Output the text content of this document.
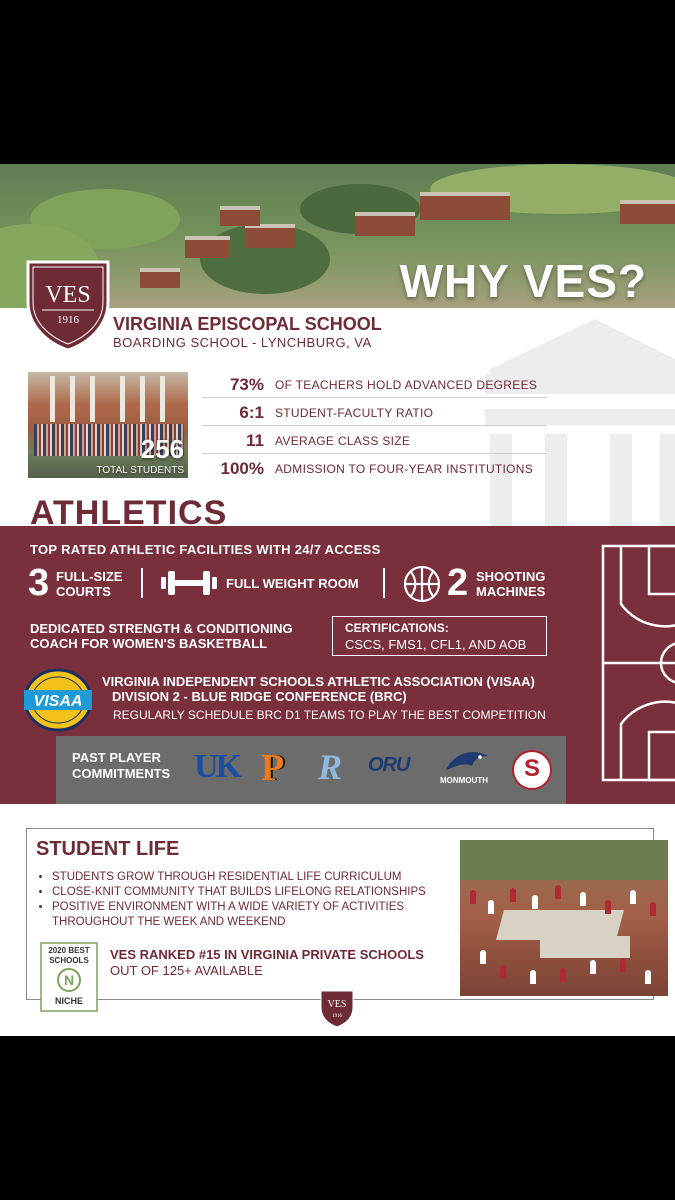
WHY VES?
VES
1916 VIRGINIA EPISCOPAL SCHOOL
BOARDING SCHOOL - LYNCHBURG, VA
256
TOTAL STUDENTS
73% OF TEACHERS HOLD ADVANCED DEGREES
6:1 STUDENT-FACULTY RATIO
11 AVERAGE CLASS SIZE
100% ADMISSION TO FOUR-YEAR INSTITUTIONS
ATHLETICS
TOP RATED ATHLETIC FACILITIES WITH 24/7 ACCESS
3 FULL-SIZE
COURTS
FULL WEIGHT ROOM 2 SHOOTING
MACHINES
DEDICATED STRENGTH & CONDITIONING
COACH FOR WOMEN'S BASKETBALL
CERTIFICATIONS:
CSCS, FMS1, CFL1, AND AOB
VISAA
VIRGINIA INDEPENDENT SCHOOLS ATHLETIC ASSOCIATION (VISAA)
DIVISION 2 - BLUE RIDGE CONFERENCE (BRC)
REGULARLY SCHEDULE BRC D1 TEAMS TO PLAY THE BEST COMPETITION
PAST PLAYER
COMMITMENTS UK P R ORU
MONMOUTH	S
STUDENT LIFE
• STUDENTS GROW THROUGH RESIDENTIAL LIFE CURRICULUM
• CLOSE-KNIT COMMUNITY THAT BUILDS LIFELONG RELATIONSHIPS
• POSITIVE ENVIRONMENT WITH A WIDE VARIETY OF ACTIVITIES THROUGHOUT THE WEEK AND WEEKEND
2020 BEST
SCHOOLS
N
NICHE
VES RANKED #15 IN VIRGINIA PRIVATE SCHOOLS
OUT OF 125+ AVAILABLE
VES
1916
